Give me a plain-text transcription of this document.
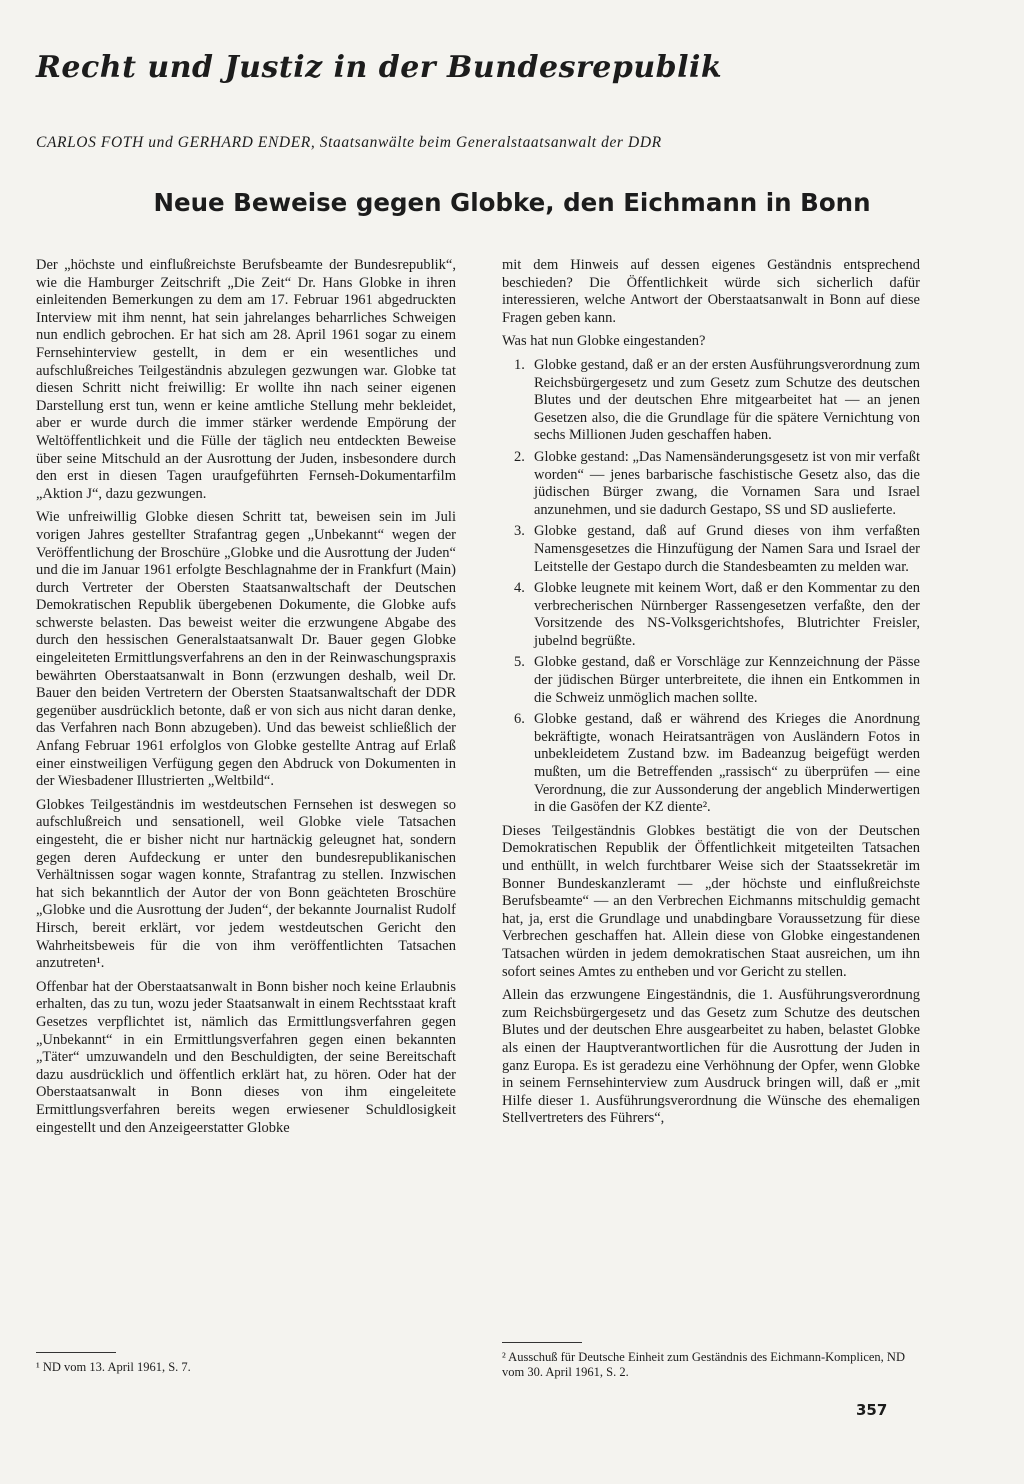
Recht und Justiz in der Bundesrepublik
CARLOS FOTH und GERHARD ENDER, Staatsanwälte beim Generalstaatsanwalt der DDR
Neue Beweise gegen Globke, den Eichmann in Bonn

Der „höchste und einflußreichste Berufsbeamte der Bundesrepublik“, wie die Hamburger Zeitschrift „Die Zeit“ Dr. Hans Globke in ihren einleitenden Bemerkungen zu dem am 17. Februar 1961 abgedruckten Interview mit ihm nennt, hat sein jahrelanges beharrliches Schweigen nun endlich gebrochen. Er hat sich am 28. April 1961 sogar zu einem Fernsehinterview gestellt, in dem er ein wesentliches und aufschlußreiches Teilgeständnis abzulegen gezwungen war. Globke tat diesen Schritt nicht freiwillig: Er wollte ihn nach seiner eigenen Darstellung erst tun, wenn er keine amtliche Stellung mehr bekleidet, aber er wurde durch die immer stärker werdende Empörung der Weltöffentlichkeit und die Fülle der täglich neu entdeckten Beweise über seine Mitschuld an der Ausrottung der Juden, insbesondere durch den erst in diesen Tagen uraufgeführten Fernseh-Dokumentarfilm „Aktion J“, dazu gezwungen.

Wie unfreiwillig Globke diesen Schritt tat, beweisen sein im Juli vorigen Jahres gestellter Strafantrag gegen „Unbekannt“ wegen der Veröffentlichung der Broschüre „Globke und die Ausrottung der Juden“ und die im Januar 1961 erfolgte Beschlagnahme der in Frankfurt (Main) durch Vertreter der Obersten Staatsanwaltschaft der Deutschen Demokratischen Republik übergebenen Dokumente, die Globke aufs schwerste belasten. Das beweist weiter die erzwungene Abgabe des durch den hessischen Generalstaatsanwalt Dr. Bauer gegen Globke eingeleiteten Ermittlungsverfahrens an den in der Reinwaschungspraxis bewährten Oberstaatsanwalt in Bonn (erzwungen deshalb, weil Dr. Bauer den beiden Vertretern der Obersten Staatsanwaltschaft der DDR gegenüber ausdrücklich betonte, daß er von sich aus nicht daran denke, das Verfahren nach Bonn abzugeben). Und das beweist schließlich der Anfang Februar 1961 erfolglos von Globke gestellte Antrag auf Erlaß einer einstweiligen Verfügung gegen den Abdruck von Dokumenten in der Wiesbadener Illustrierten „Weltbild“.

Globkes Teilgeständnis im westdeutschen Fernsehen ist deswegen so aufschlußreich und sensationell, weil Globke viele Tatsachen eingesteht, die er bisher nicht nur hartnäckig geleugnet hat, sondern gegen deren Aufdeckung er unter den bundesrepublikanischen Verhältnissen sogar wagen konnte, Strafantrag zu stellen. Inzwischen hat sich bekanntlich der Autor der von Bonn geächteten Broschüre „Globke und die Ausrottung der Juden“, der bekannte Journalist Rudolf Hirsch, bereit erklärt, vor jedem westdeutschen Gericht den Wahrheitsbeweis für die von ihm veröffentlichten Tatsachen anzutreten¹.

Offenbar hat der Oberstaatsanwalt in Bonn bisher noch keine Erlaubnis erhalten, das zu tun, wozu jeder Staatsanwalt in einem Rechtsstaat kraft Gesetzes verpflichtet ist, nämlich das Ermittlungsverfahren gegen „Unbekannt“ in ein Ermittlungsverfahren gegen einen bekannten „Täter“ umzuwandeln und den Beschuldigten, der seine Bereitschaft dazu ausdrücklich und öffentlich erklärt hat, zu hören. Oder hat der Oberstaatsanwalt in Bonn dieses von ihm eingeleitete Ermittlungsverfahren bereits wegen erwiesener Schuldlosigkeit eingestellt und den Anzeigeerstatter Globke

mit dem Hinweis auf dessen eigenes Geständnis entsprechend beschieden? Die Öffentlichkeit würde sich sicherlich dafür interessieren, welche Antwort der Oberstaatsanwalt in Bonn auf diese Fragen geben kann.

Was hat nun Globke eingestanden?

1. Globke gestand, daß er an der ersten Ausführungsverordnung zum Reichsbürgergesetz und zum Gesetz zum Schutze des deutschen Blutes und der deutschen Ehre mitgearbeitet hat — an jenen Gesetzen also, die die Grundlage für die spätere Vernichtung von sechs Millionen Juden geschaffen haben.
2. Globke gestand: „Das Namensänderungsgesetz ist von mir verfaßt worden“ — jenes barbarische faschistische Gesetz also, das die jüdischen Bürger zwang, die Vornamen Sara und Israel anzunehmen, und sie dadurch Gestapo, SS und SD auslieferte.
3. Globke gestand, daß auf Grund dieses von ihm verfaßten Namensgesetzes die Hinzufügung der Namen Sara und Israel der Leitstelle der Gestapo durch die Standesbeamten zu melden war.
4. Globke leugnete mit keinem Wort, daß er den Kommentar zu den verbrecherischen Nürnberger Rassengesetzen verfaßte, den der Vorsitzende des NS-Volksgerichtshofes, Blutrichter Freisler, jubelnd begrüßte.
5. Globke gestand, daß er Vorschläge zur Kennzeichnung der Pässe der jüdischen Bürger unterbreitete, die ihnen ein Entkommen in die Schweiz unmöglich machen sollte.
6. Globke gestand, daß er während des Krieges die Anordnung bekräftigte, wonach Heiratsanträgen von Ausländern Fotos in unbekleidetem Zustand bzw. im Badeanzug beigefügt werden mußten, um die Betreffenden „rassisch“ zu überprüfen — eine Verordnung, die zur Aussonderung der angeblich Minderwertigen in die Gasöfen der KZ diente².

Dieses Teilgeständnis Globkes bestätigt die von der Deutschen Demokratischen Republik der Öffentlichkeit mitgeteilten Tatsachen und enthüllt, in welch furchtbarer Weise sich der Staatssekretär im Bonner Bundeskanzleramt — „der höchste und einflußreichste Berufsbeamte“ — an den Verbrechen Eichmanns mitschuldig gemacht hat, ja, erst die Grundlage und unabdingbare Voraussetzung für diese Verbrechen geschaffen hat. Allein diese von Globke eingestandenen Tatsachen würden in jedem demokratischen Staat ausreichen, um ihn sofort seines Amtes zu entheben und vor Gericht zu stellen.

Allein das erzwungene Eingeständnis, die 1. Ausführungsverordnung zum Reichsbürgergesetz und das Gesetz zum Schutze des deutschen Blutes und der deutschen Ehre ausgearbeitet zu haben, belastet Globke als einen der Hauptverantwortlichen für die Ausrottung der Juden in ganz Europa. Es ist geradezu eine Verhöhnung der Opfer, wenn Globke in seinem Fernsehinterview zum Ausdruck bringen will, daß er „mit Hilfe dieser 1. Ausführungsverordnung die Wünsche des ehemaligen Stellvertreters des Führers“,

¹ ND vom 13. April 1961, S. 7.
² Ausschuß für Deutsche Einheit zum Geständnis des Eichmann-Komplicen, ND vom 30. April 1961, S. 2.
357
